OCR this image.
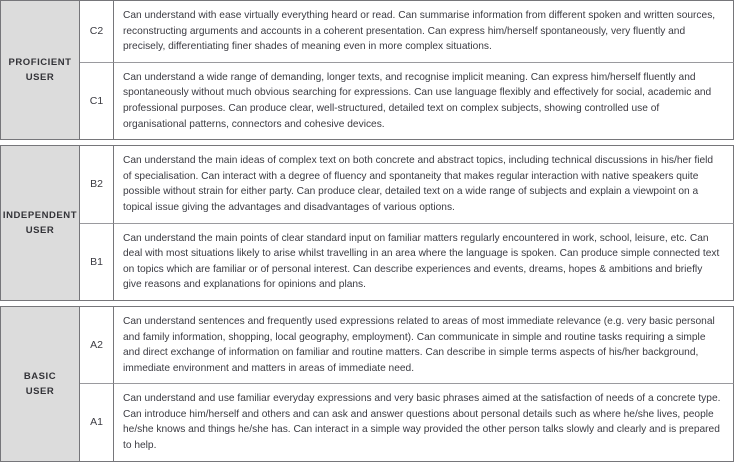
PROFICIENT
USER	C2	Can understand with ease virtually everything heard or read. Can summarise information from different spoken and written sources, reconstructing arguments and accounts in a coherent presentation. Can express him/herself spontaneously, very fluently and precisely, differentiating finer shades of meaning even in more complex situations.
	C1	Can understand a wide range of demanding, longer texts, and recognise implicit meaning. Can express him/herself fluently and spontaneously without much obvious searching for expressions. Can use language flexibly and effectively for social, academic and professional purposes. Can produce clear, well-structured, detailed text on complex subjects, showing controlled use of organisational patterns, connectors and cohesive devices.

INDEPENDENT
USER	B2	Can understand the main ideas of complex text on both concrete and abstract topics, including technical discussions in his/her field of specialisation. Can interact with a degree of fluency and spontaneity that makes regular interaction with native speakers quite possible without strain for either party. Can produce clear, detailed text on a wide range of subjects and explain a viewpoint on a topical issue giving the advantages and disadvantages of various options.
	B1	Can understand the main points of clear standard input on familiar matters regularly encountered in work, school, leisure, etc. Can deal with most situations likely to arise whilst travelling in an area where the language is spoken. Can produce simple connected text on topics which are familiar or of personal interest. Can describe experiences and events, dreams, hopes & ambitions and briefly give reasons and explanations for opinions and plans.

BASIC
USER	A2	Can understand sentences and frequently used expressions related to areas of most immediate relevance (e.g. very basic personal and family information, shopping, local geography, employment). Can communicate in simple and routine tasks requiring a simple and direct exchange of information on familiar and routine matters. Can describe in simple terms aspects of his/her background, immediate environment and matters in areas of immediate need.
	A1	Can understand and use familiar everyday expressions and very basic phrases aimed at the satisfaction of needs of a concrete type. Can introduce him/herself and others and can ask and answer questions about personal details such as where he/she lives, people he/she knows and things he/she has. Can interact in a simple way provided the other person talks slowly and clearly and is prepared to help.
